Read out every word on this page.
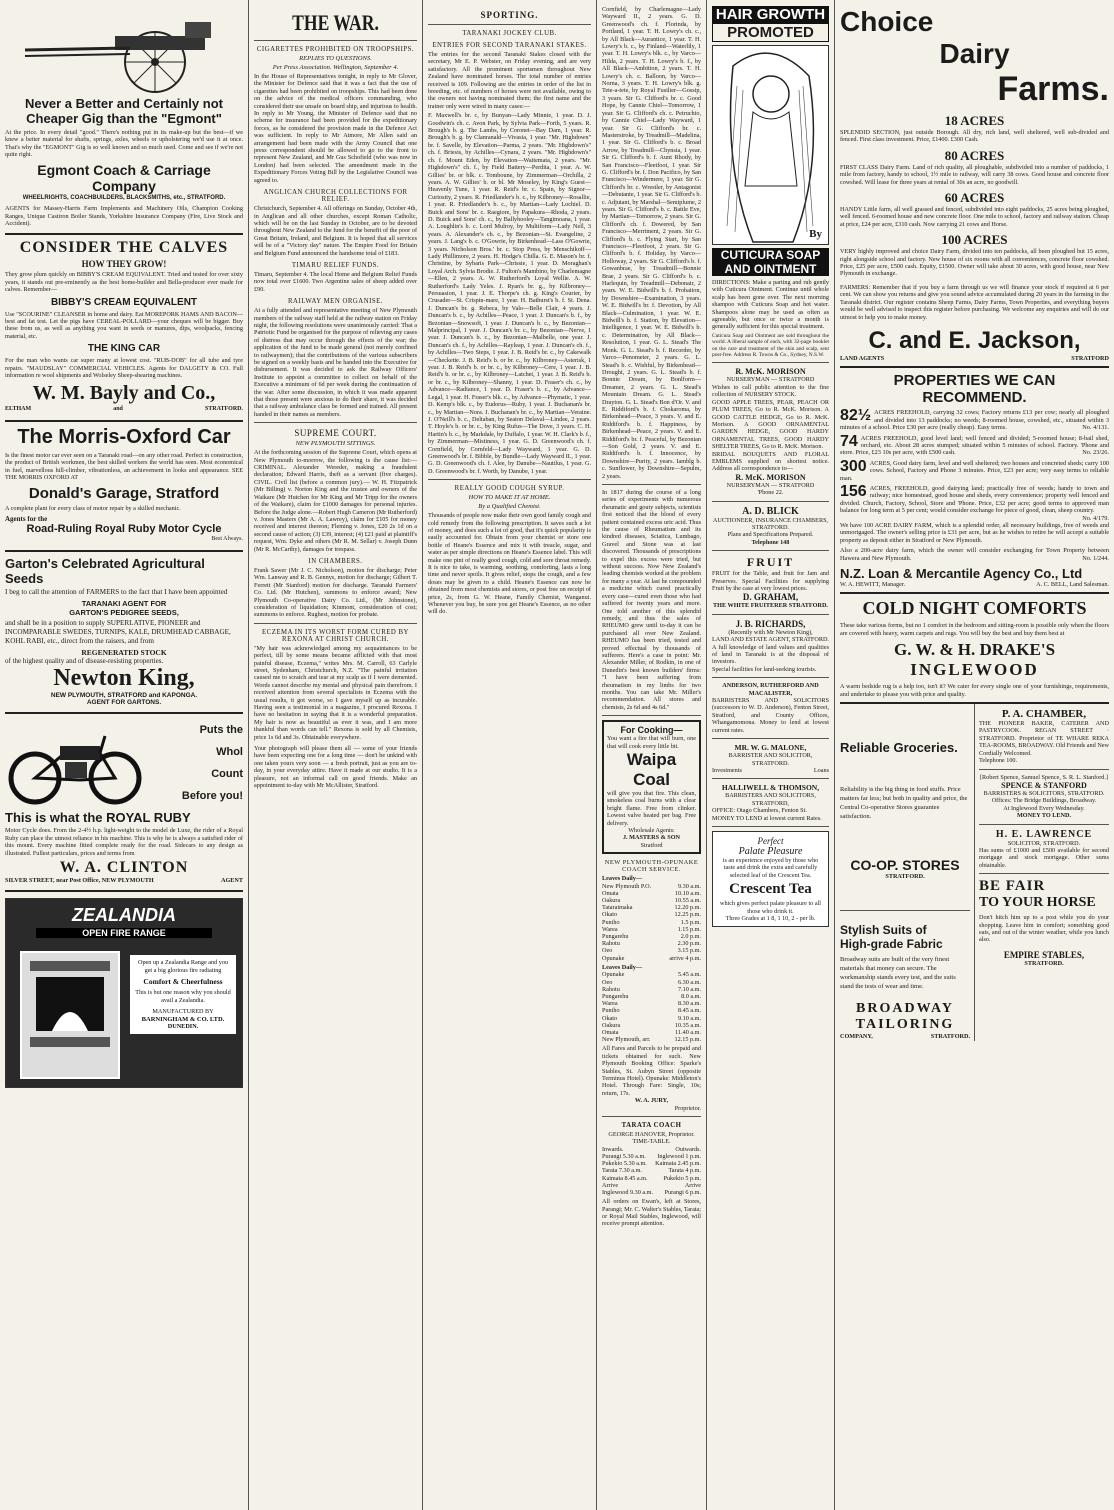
Never a Better and Certainly not Cheaper Gig than the "Egmont"
At the price. In every detail "good." There's nothing put in its make-up but the best—if we knew a better material for shafts, springs, axles, wheels or upholstering we'd use it at once. That's why the "EGMONT" Gig is so well known and so much used. Come and see if we're not quite right.
Egmont Coach & Carriage Company
WHEELRIGHTS, COACHBUILDERS, BLACKSMITHS, etc., STRATFORD.
AGENTS for Massey-Harris Farm Implements and Machinery Oils, Champion Cooking Ranges, Unique Castiron Boiler Stands, Yorkshire Insurance Company (Fire, Live Stock and Accident).
CONSIDER THE CALVES
HOW THEY GROW!
They grow plum quickly on BIBBY'S CREAM EQUIVALENT. Tried and tested for over sixty years, it stands out pre-eminently as the best home-builder and Bella-producer ever made for calves. Remember—
BIBBY'S CREAM EQUIVALENT
Use "SCOURINE" CLEANSER in home and dairy. Eat MOREPORK HAMS AND BACON—best and fat test. Let the pigs have CEREAL-POLLARD—your cheques will be bigger. Buy these from us, as well as anything you want in seeds or manures, dips, woolpacks, fencing material, etc.
THE KING CAR
For the man who wants car super many at lowest cost. "RUB-DOB" for all tube and tyre repairs. "MAUDSLAY" COMMERCIAL VEHICLES. Agents for DALGETY & CO. Full information re wool shipments and Wolseley Sheep-shearing machines.
W. M. Bayly and Co.,
ELTHAM	and	STRATFORD.
The Morris-Oxford Car
Is the finest motor car ever seen on a Taranaki road—on any other road. Perfect in construction, the product of British workmen, the best skilled workers the world has seen. Most economical in fuel, marvellous hill-climber, vibrationless, an achievement in looks and appearance. SEE THE MORRIS OXFORD AT
Donald's Garage, Stratford
A complete plant for every class of motor repair by a skilled mechanic.
Agents for the
Road-Ruling Royal Ruby Motor Cycle
Best Always.
Garton's Celebrated Agricultural
Seeds
I beg to call the attention of FARMERS to the fact that I have been appointed
TARANAKI AGENT FOR
GARTON'S PEDIGREE SEEDS,
and shall be in a position to supply SUPERLATIVE, PIONEER and INCOMPARABLE SWEDES, TURNIPS, KALE, DRUMHEAD CABBAGE, KOHL RABI, etc., direct from the raisers, and from
REGENERATED STOCK
of the highest quality and of disease-resisting properties.
Newton King,
NEW PLYMOUTH, STRATFORD and KAPONGA.
AGENT FOR GARTONS.
Puts the
Whol
Count
Before you!
This is what the ROYAL RUBY
Motor Cycle does. From the 2-4½ h.p. light-weight to the model de Luxe, the rider of a Royal Ruby can place the utmost reliance in his machine. This is why he is always a satisfied rider of this mount. Every machine fitted complete ready for the road. Sidecars to any design as illustrated. Fullest particulars, prices and terms from
W. A. CLINTON
SILVER STREET, near Post Office, NEW PLYMOUTH	AGENT
ZEALANDIA
OPEN FIRE RANGE
Open up a Zealandia Range and you get a big glorious fire radiating
Comfort & Cheerfulness
This is but one reason why you should avail a Zealandia.
MANUFACTURED BY
BARNINGHAM & CO. LTD.
DUNEDIN.
THE WAR.
CIGARETTES PROHIBITED ON TROOPSHIPS.
REPLIES TO QUESTIONS.
Per Press Association. Wellington, September 4.
In the House of Representatives tonight, in reply to Mr Glover, the Minister for Defence said that it was a fact that the use of cigarettes had been prohibited on troopships. This had been done on the advice of the medical officers commanding, who considered their use unsafe on board ship, and injurious to health. In reply to Mr Young, the Minister of Defence said that no scheme for insurance had been provided for the expeditionary forces, as he considered the provision made in the Defence Act was sufficient. In reply to Mr Atmore, Mr Allen said an arrangement had been made with the Army Council that one press correspondent should be allowed to go to the front to represent New Zealand, and Mr Gus Schofield (who was now in London) had been selected. The amendment made in the Expeditionary Forces Voting Bill by the Legislative Council was agreed to.
ANGLICAN CHURCH COLLECTIONS FOR RELIEF.
Christchurch, September 4. All offerings on Sunday, October 4th, in Anglican and all other churches, except Roman Catholic, which will be on the last Sunday in October, are to be devoted throughout New Zealand to the fund for the benefit of the poor of Great Britain, Ireland, and Belgium. It is hoped that all services will be of a "Victory day" nature. The Empire Food for Britain and Belgium Fund announced the handsome total of £183.
TIMARU RELIEF FUNDS.
Timaru, September 4. The local Home and Belgium Relief Funds now total over £1600. Two Argentine sales of sheep added over £90.
RAILWAY MEN ORGANISE.
At a fully attended and representative meeting of New Plymouth members of the railway staff held at the railway station on Friday night, the following resolutions were unanimously carried: That a Patriotic Fund be organised for the purpose of relieving any cases of distress that may occur through the effects of the war; the application of the fund to be made general (not merely confined to railwaymen); that the contributions of the various subscribers be signed on a weekly basis and be handed into the Executive for disbursement. It was decided to ask the Railway Officers' Institute to appoint a committee to collect on behalf of the Executive a minimum of 6d per week during the continuation of the war. After some discussion, in which it was made apparent that those present were anxious to do their share, it was decided that a railway ambulance class be formed and trained. All present handed in their names as members.
SUPREME COURT.
NEW PLYMOUTH SITTINGS.
At the forthcoming session of the Supreme Court, which opens at New Plymouth to-morrow, the following is the cause list:— CRIMINAL. Alexander Wereder, making a fraudulent declaration; Edward Harris, theft as a servant (five charges). CIVIL. Civil list (before a common jury).— W. H. Fitzpatrick (Mr Billing) v. Norton King and the trustee and owners of the Waikare (Mr Hutchen for Mr King and Mr Tripp for the owners of the Waikare), claim for £1000 damages for personal injuries. Before the Judge alone.—Robert Hugh Cameron (Mr Rutherford) v. Jones Masters (Mr A. A. Lawrey), claim for £105 for money received and interest thereon; Fleming v. Jones, £20 2s 1d on a second cause of action; (3) £39, interest; (4) £21 paid at plaintiff's request, Wm. Dyke and others (Mr R. M. Sellar) v. Joseph Dunn (Mr R. McCarthy), damages for trespass.
IN CHAMBERS.
Frank Sawer (Mr J. C. Nicholson), motion for discharge; Peter Wm. Lanway and R. B. Gennys, motion for discharge; Gilbert T. Ferrett (Mr Stanford) motion for discharge. Taranaki Farmers' Co. Ltd. (Mr Hutchen), summons to enforce award; New Plymouth Co-operative Dairy Co. Ltd., (Mr Johnstone), consideration of liquidation; Kinmont, consideration of cost; summons to enforce. Rughest, motion for probate.
ECZEMA IN ITS WORST FORM CURED BY REXONA AT CHRIST CHURCH.
"My hair was acknowledged among my acquaintances to be perfect, till by some means became afflicted with that most painful disease, Eczema," writes Mrs. M. Carroll, 63 Carlyle street, Sydenham, Christchurch, N.Z. "The painful irritation caused me to scratch and tear at my scalp as if I were demented. Words cannot describe my mental and physical pain therefrom. I received attention from several specialists in Eczema with the usual results, it got worse, so I gave myself up as incurable. Having seen a testimonial in a magazine, I procured Rexona. I have no hesitation in saying that it is a wonderful preparation. My hair is now as beautiful as ever it was, and I am more thankful than words can tell." Rexona is sold by all Chemists, price 1s 6d and 3s. Obtainable everywhere.
Your photograph will please them all — some of your friends have been expecting one for a long time — don't be unkind with one taken yours very soon — a fresh portrait, just as you are to-day, in your everyday attire. Have it made at our studio. It is a pleasure, not an informal call on good friends. Make an appointment to-day with Mr McAllister, Stratford.
SPORTING.
TARANAKI JOCKEY CLUB.
ENTRIES FOR SECOND TARANAKI STAKES.
The entries for the second Taranaki Stakes closed with the secretary, Mr E. P. Webster, on Friday evening, and are very satisfactory. All the prominent sportsmen throughout New Zealand have nominated horses. The total number of entries received is 109. Following are the entries in order of the list in breeding, etc. of numbers of horses were not available, owing to the owners not having nominated them; the first name and the trainer only were wired in many cases:—
F. Maxwell's br. c, by Bunyan—Lady Minnie, 1 year. D. J. Goodwin's ch. c. Avon Park, by Sylvia Park—Forth, 5 years. R. Brough's b. g. The Lambs, by Coronet—Bay Dam, 1 year. R. Brough's b. g. by Clanranald—Vivasia, 1 year. "Mr. Highdown" br. f. Savelle, by Elevation—Parma, 2 years. "Mr. Highdown's" ch. f. Briesis, by Achilles—Cynara, 2 years. "Mr. Highdown's" ch. f. Mount Eden, by Elevation—Waitemata, 2 years. "Mr. Highdown's" ch. f., by Field Battery—Perdita, 1 year. A. W. Gillies' br. or blk. c. Tomboune, by Zimmerman—Orchilla, 2 years. A. W. Gillies' b. or bl. Mr Moseley, by King's Guest—Heavenly Tune, 1 year. R. Reid's br. c. Spain, by Signor—Curiosity, 2 years. R. Friedlander's b. c., by Kilbroney—Rosallie, 1 year. R. Friedlander's b. c., by Martian—Lady Lochiel. D. Buick and Sons' br. c. Raegiore, by Papakura—Rhoda, 2 years. D. Buick and Sons' ch. c., by Ballyhooley—Tangimoana, 1 year. A. Loughlin's b. c. Lord Mulroy, by Multiform—Lady Nell, 3 years. A. Alexander's ch. c., by Bezonian—St. Evangeline, 2 years. J. Lang's b. c. O'Gowrie, by Birkenhead—Lass O'Gowrie, 3 years. Nicholson Bros.' br. c. Stop Press, by Menschikoff—Lady Phillimore, 2 years. H. Hodge's Chilla. G. E. Mason's br. f. Christine, by Sybaris Park—Chrissie, 1 year. D. Moraghan's Loyal Arch. Sylvia Brodie. J. Fulton's Mambino, by Charlemagne—Ellen, 2 years. A. W. Rutherford's Loyal Wellie. A. W. Rutherford's Lady Yeles. J. Ryan's br. g., by Kilbroney—Persuasion, 1 year. J. E. Thorpe's ch. g. King's Courier, by Crusader—St. Crispin-mare, 1 year. H. Bathurst's b. f. St. Dena. J. Duncan's br. g. Rebeca, by Valo—Belle Clair, 4 years. J. Duncan's b. c., by Achilles—Peace, 1 year. J. Duncan's b. f., by Bezonian—Snowsoft, 1 year. J. Duncan's b. c., by Bezonian—Malprincipal, 1 year. J. Duncan's br. c., by Bezonian—Nerve, 1 year. J. Duncan's b. c., by Bezonian—Malbelle, one year. J. Duncan's ch. f., by Achilles—Rayleap, 1 year. J. Duncan's ch. f., by Achilles—Two Steps, 1 year. J. B. Reid's br. c., by Cakewalk—Checkette. J. B. Reid's b. or br. c., by Kilbroney—Asterisk, 1 year. J. B. Reid's b. or br. c., by Kilbroney—Cere, 1 year. J. B. Reid's b. or br. c., by Kilbroney—Latchet, 1 year. J. B. Reid's b. or br. c., by Kilbroney—Shanny, 1 year. D. Fraser's ch. c., by Advance—Radiance, 1 year. D. Fraser's b. c., by Advance—Legal, 1 year. H. Fraser's blk. c., by Advance—Phymatic, 1 year. D. Kemp's blk. c., by Eudorus—Ruby, 1 year. J. Buchanan's br. c., by Martian—Nora. J. Buchanan's br. c., by Martian—Veraine. J. O'Neill's b. c., Deltaban, by Seaton Delaval—Lindee, 2 years. T. Hoyle's b. or br. c., by King Rufus—The Dove, 3 years. C. H. Hartin's b. c., by Markdale, by Duffalo, 1 year. W. H. Clark's b. f., by Zimmerman—Mistiness, 1 year. G. D. Greenwood's ch. f. Cornfield, by Cornfeld—Lady Wayward, 1 year. G. D. Greenwood's br. f. Bibble, by Bundle—Lady Wayward II., 1 year. G. D. Greenwood's ch. f. Alee, by Danube—Nautilus, 1 year. G. D. Greenwood's br. f. Worth, by Danube, 1 year.
REALLY GOOD COUGH SYRUP.
HOW TO MAKE IT AT HOME.
By a Qualified Chemist.
Thousands of people now make their own good family cough and cold remedy from the following prescription. It saves such a lot of money, and does such a lot of good, that it's quick popularity is easily accounted for. Obtain from your chemist or store one bottle of Heane's Essence and mix it with treacle, sugar, and water as per simple directions on Heane's Essence label. This will make one pint of really good cough, cold and sore throat remedy. It is nice to take, is warming, soothing, comforting, lasts a long time and never spoils. It gives relief, stops the cough, and a few doses may be given to a child. Heane's Essence can now be obtained from most chemists and stores, or post free on receipt of price, 2s, from G. W. Heane, Family Chemist, Wanganui. Whenever you buy, be sure you get Heane's Essence, as no other will do.
Cornfield, by Charlemagne—Lady Wayward II., 2 years. G. D. Greenwood's ch. f. Florinda, by Portland, 1 year. T. H. Lowry's ch. c., by All Black—Aurantice, 1 year. T. H. Lowry's b. c., by Finland—Waterlily, 1 year. T. H. Lowry's blk. c., by Varco—Hilda, 2 years. T. H. Lowry's b. f., by All Black—Ambition, 2 years. T. H. Lowry's ch. c. Balloon, by Varco—Norna, 3 years. T. H. Lowry's blk. g. Tete-a-tete, by Royal Fusilier—Gossip, 3 years. Sir G. Clifford's br. c. Good Hope, by Cannie Chiel—Tomorrow, 1 year. Sir G. Clifford's ch. c. Petruchio, by Cannie Chiel—Lady Wayward, 1 year. Sir G. Clifford's br. c. Masterstroke, by Treadmill—Madelina, 1 year. Sir G. Clifford's b. c. Broad Arrow, by Treadmill—Chynsia, 1 year. Sir G. Clifford's b. f. Aunt Rhody, by San Francisco—Fleetfoot, 1 year. Sir G. Clifford's br. f. Don Pacifico, by San Francisco—Windermere, 1 year. Sir G. Clifford's br. c. Wrestler, by Antagonist—Debutante, 1 year. Sir G. Clifford's b. c. Adjutant, by Marshal—Semiplume, 2 years. Sir G. Clifford's b. c. Battle Eve, by Martian—Tomorrow, 2 years. Sir G. Clifford's ch. f. Dowered, by San Francisco—Merriment, 2 years. Sir G. Clifford's b. c. Flying Start, by San Francisco—Fleetfoot, 2 years. Sir G. Clifford's b. f. Holiday, by Varco—Holloway, 2 years. Sir G. Clifford's b. f. Gowanbrae, by Treadmill—Bonnie Brae, 2 years. Sir G. Clifford's b. c. Harlequin, by Treadmill—Debonair, 2 years. W. E. Bidwill's b. f. Probation, by Downshire—Examination, 3 years. W. E. Bidwill's br. f. Devotion, by All Black—Culmination, 1 year. W. E. Bidwill's b. f. Station, by Elevation—Intelligence, 1 year. W. E. Bidwill's b. c. Determination, by All Black—Resolution, 1 year. G. L. Stead's The Monk. G. L. Stead's b. f. Recorder, by Varco—Penometer, 2 years. G. L. Stead's b. c. Wishful, by Birkenhead—Drought, 2 years. G. L. Stead's b. f. Bonnie Dream, by Bonlform—Dreamer, 2 years. G. L. Stead's Mountain Dream. G. L. Stead's Drayton. G. L. Stead's Bon d'Or. V. and E. Riddiford's b. f. Chokaroma, by Birkenhead—Peace, 3 years. V. and E. Riddiford's b. f. Happiness, by Birkenhead—Peace, 2 years. V. and E. Riddiford's br. f. Peaceful, by Bezonian—Son Gold, 2 years. V. and E. Riddiford's b. f. Innocence, by Downshire—Purity, 2 years. Iamblg b. c. Sunflower, by Downshire—Sepulm, 2 years.
In 1817 during the course of a long series of experiments with numerous rheumatic and gouty subjects, scientists first noticed that the blood of every patient contained excess uric acid. Thus the cause of Rheumatism and its kindred diseases, Sciatica, Lumbago, Gravel and Stone was at last discovered. Thousands of prescriptions to expel this excess were tried, but without success. Now New Zealand's leading chemists worked at the problem for many a year. At last he compounded a medicine which cured practically every case—cured even those who had suffered for twenty years and more. One told another of this splendid remedy, and thus the sales of RHEUMO grew until to-day it can be purchased all over New Zealand. RHEUMO has been tried, tested and proved effectual by thousands of sufferers. Here's a case in point: Mr. Alexander Miller, of Rodkin, in one of Dunedin's best known builders' firms: "I have been suffering from rheumatism in my limbs for two months. You can take Mr. Miller's recommendation. All stores and chemists, 2s 6d and 4s 6d."
For Cooking—
You want a fire that will burn, one that will cook every little bit.
Waipa Coal
will give you that fire. This clean, smokeless coal burns with a clear bright flame. Free from clinker. Lowest valve heated per bag. Free delivery.
Wholesale Agents:
J. MASTERS & SON
Stratford
NEW PLYMOUTH-OPUNAKE COACH SERVICE.
Leaves Daily—
New Plymouth P.O.	9.30 a.m.
Omata	10.10 a.m.
Oakura	10.55 a.m.
Tataraimaka	12.20 p.m.
Okato	12.25 p.m.
Puniho	1.5 p.m.
Warea	1.15 p.m.
Pungarehu	2.0 p.m.
Rahotu	2.30 p.m.
Oeo	3.15 p.m.
Opunake	arrive 4 p.m.
Leaves Daily—
Opunake	5.45 a.m.
Oeo	6.30 a.m.
Rahotu	7.10 a.m.
Pungarehu	8.0 a.m.
Warea	8.30 a.m.
Puniho	8.45 a.m.
Okato	9.10 a.m.
Oakura	10.35 a.m.
Omata	11.40 a.m.
New Plymouth, arr.	12.15 p.m.
All Fares and Parcels to be prepaid and tickets obtained for such. New Plymouth Booking Office: Sparke's Stables, St. Aubyn Street (opposite Terminus Hotel). Opunake: Middleton's Hotel. Through Fare: Single, 10s; return, 17s.
W. A. JURY,
Proprietor.
TARATA COACH
GEORGE HANOVER, Proprietor.
TIME-TABLE.
Inwards.	Outwards.
Purangi 5.30 a.m. Inglewood 1 p.m.
Pukekio 5.30 a.m. Kaimata 2.45 p.m.
Tarata 7.30 a.m.	Tarata 4 p.m.
Kaimata 8.45 a.m.	Pukekio 5 p.m.
Arrive	Arrive
Inglewood 9.30 a.m. Purangi 6 p.m.
All orders on Ewan's, left at Stores, Parangi; Mr. C. Walter's Stables, Tarata; or Royal Mail Stables, Inglewood, will receive prompt attention.
HAIR GROWTH
PROMOTED
By
CUTICURA SOAP
AND OINTMENT
DIRECTIONS: Make a parting and rub gently with Cuticura Ointment. Continue until whole scalp has been gone over. The next morning shampoo with Cuticura Soap and hot water. Shampoos alone may be used as often as agreeable, but once or twice a month is generally sufficient for this special treatment.
Cuticura Soap and Ointment are sold throughout the world. A liberal sample of each, with 32-page booklet on the care and treatment of the skin and scalp, sent post-free. Address R. Towns & Co., Sydney, N.S.W.
R. McK. MORISON
NURSERYMAN — STRATFORD
Wishes to call public attention to the fine collection of NURSERY STOCK.
GOOD APPLE TREES, PEAR, PEACH OR PLUM TREES, Go to R. McK. Morison. A GOOD CATTLE HEDGE, Go to R. McK. Morison. A GOOD ORNAMENTAL GARDEN HEDGE, GOOD HARDY ORNAMENTAL TREES, GOOD HARDY SHELTER TREES, Go to R. McK. Morison.
BRIDAL BOUQUETS AND FLORAL EMBLEMS supplied on shortest notice. Address all correspondence to—
R. McK. MORISON
NURSERYMAN — STRATFORD
'Phone 22.
A. D. BLICK
AUCTIONEER, INSURANCE CHAMBERS, STRATFORD.
Plans and Specifications Prepared.
Telephone 148
FRUIT
FRUIT for the Table, and fruit for Jam and Preserves. Special Facilities for supplying Fruit by the case at very lowest prices.
D. GRAHAM,
THE WHITE FRUITERER STRATFORD.
J. B. RICHARDS,
(Recently with Mr Newton King),
LAND AND ESTATE AGENT, STRATFORD.
A full knowledge of land values and qualities of land in Taranaki is at the disposal of investors.
Special facilities for land-seeking tourists.
ANDERSON, RUTHERFORD AND MACALISTER,
BARRISTERS AND SOLICITORS (successors to W. D. Anderson), Fenton Street, Stratford, and County Offices, Whangamomona. Money to lend at lowest current rates.
MR. W. G. MALONE,
BARRISTER AND SOLICITOR, STRATFORD.
Investments	Loans
HALLIWELL & THOMSON,
BARRISTERS AND SOLICITORS, STRATFORD,
OFFICE: Otago Chambers, Fenton St.
MONEY TO LEND at lowest current Rates.
Perfect
Palate Pleasure
is an experience enjoyed by those who taste and drink the extra and carefully selected leaf of the Crescent Tea.
Crescent Tea
which gives perfect palate pleasure to all those who drink it.
Three Grades at 1 8, 1 10, 2 - per lb.
Choice
Dairy
Farms.
18 ACRES
SPLENDID SECTION, just outside Borough. All dry, rich land, well sheltered, well sub-divided and fenced. First class investment. Price, £1400. £300 Cash.
80 ACRES
FIRST CLASS Dairy Farm. Land of rich quality, all ploughable, subdivided into a number of paddocks, 1 mile from factory, handy to school, 1½ mile to railway, will carry 38 cows. Good house and concrete floor cowshed. Will lease for three years at rental of 30s an acre, no goodwill.
60 ACRES
HANDY Little farm, all well grassed and fenced, subdivided into eight paddocks, 25 acres being ploughed, well fenced. 6-roomed house and new concrete floor. One mile to school, factory and railway station. Cheap at price, £24 per acre, £310 cash. Now carrying 21 cows and Horse.
100 ACRES
VERY highly improved and choice Dairy Farm, divided into ten paddocks, all been ploughed but 15 acres, right alongside school and factory. New house of six rooms with all conveniences, concrete floor cowshed. Price, £25 per acre, £500 cash. Equity, £1500. Owner will take about 30 acres, with good house, near New Plymouth in exchange.
FARMERS: Remember that if you buy a farm through us we will finance your stock if required at 6 per cent. We can show you returns and give you sound advice accumulated during 20 years in the farming in the Taranaki district. Our register contains Sheep Farms, Dairy Farms, Town Properties, and everything buyers would be well advised to inspect this register before purchasing. We welcome any enquiries and will do our utmost to help you to make money.
C. and E. Jackson,
LAND AGENTS	STRATFORD
PROPERTIES WE CAN RECOMMEND.
82½ ACRES FREEHOLD, carrying 32 cows; Factory returns £13 per cow; nearly all ploughed and divided into 13 paddocks; no weeds; 8-roomed house, cowshed, etc., situated within 3 minutes of a school. Price £30 per acre (really cheap). Easy terms.	No. 4/131.
74 ACRES FREEHOLD, good level land; well fenced and divided; 5-roomed house; 8-bail shed, orchard, etc. About 28 acres stumped; situated within 5 minutes of school. Factory. 'Phone and store. Price, £23 10s per acre, with £500 cash.	No. 23/26.
300 ACRES, Good dairy farm, level and well sheltered; two houses and concreted sheds; carry 100 cows. School, Factory and Phone 3 minutes. Price, £23 per acre; very easy terms to reliable man.
156 ACRES, FREEHOLD, good dairying land; practically free of weeds; handy to town and railway; nice homestead, good house and sheds, every convenience; property well fenced and divided. Church, Factory, School, Store and 'Phone. Price, £32 per acre; good terms to approved man balance for long term at 5 per cent; would consider exchange for piece of good, clean, sheep country.
No. 4/179.
We have 100 ACRE DAIRY FARM, which is a splendid order, all necessary buildings, free of weeds and unmortgaged. The owner's selling price is £31 per acre, but as he wishes to retire he will accept a suitable property as deposit either in Stratford or New Plymouth.
Also a 200-acre dairy farm, which the owner will consider exchanging for Town Property between Hawera and New Plymouth.	No. 1/244.
N.Z. Loan & Mercantile Agency Co., Ltd
W. A. HEWITT, Manager.	A. C. BELL, Land Salesman.
COLD NIGHT COMFORTS
These take various forms, but no 1 comfort in the bedroom and sitting-room is possible only when the floors are covered with heavy, warm carpets and rugs. You will buy the best and buy them best at
G. W. & H. DRAKE'S
INGLEWOOD
A warm bedside rug is a help too, isn't it? We cater for every single one of your furnishings, requirements, and undertake to please you with price and quality.
Reliable Groceries.
Reliability is the big thing in food stuffs. Price matters far less; but both in quality and price, the Central Co-operative Stores guarantee satisfaction.
CO-OP. STORES
STRATFORD.
Stylish Suits of
High-grade Fabric
Broadway suits are built of the very finest materials that money can secure. The workmanship stands every test, and the suits stand the tests of wear and time.
BROADWAY
TAILORING
COMPANY,	STRATFORD.
P. A. CHAMBER,
THE PIONEER BAKER, CATERER AND PASTRYCOOK. REGAN STREET · STRATFORD. Proprietor of TE WHARE REKA TEA-ROOMS, BROADWAY. Old Friends and New Cordially Welcomed.
Telephone 100.
[Robert Spence, Samuel Spence, S. R. L. Stanford.]
SPENCE & STANFORD
BARRISTERS & SOLICITORS, STRATFORD.
Offices: The Bridge Buildings, Broadway.
At Inglewood Every Wednesday.
MONEY TO LEND.
H. E. LAWRENCE
SOLICITOR, STRATFORD.
Has sums of £1000 and £500 available for second mortgage and stock mortgage. Other sums obtainable.
BE FAIR
TO YOUR HORSE
Don't hitch him up to a post while you do your shopping. Leave him in comfort; something good eats, and out of the winter weather, while you lunch also.
EMPIRE STABLES,
STRATFORD.
